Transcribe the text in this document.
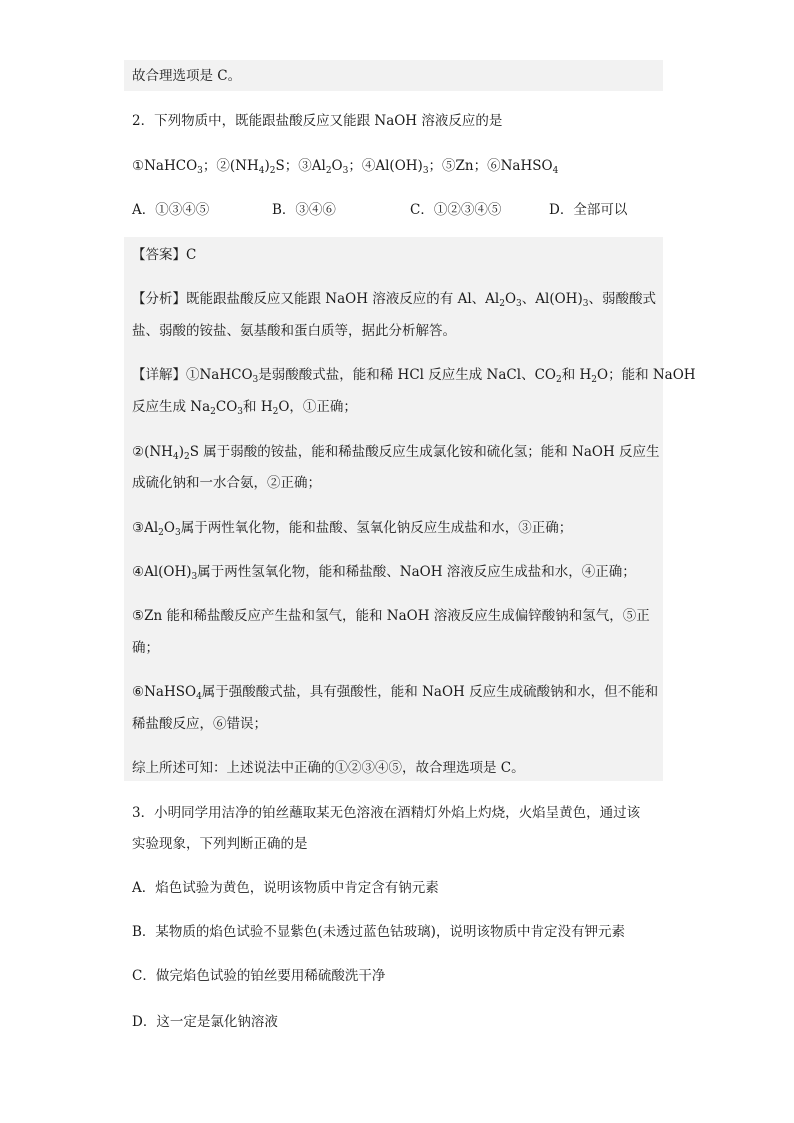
故合理选项是 C。
2．下列物质中，既能跟盐酸反应又能跟 NaOH 溶液反应的是
①NaHCO$_3$；$②(NH_4)_2S$；$③Al_2O_3$；$④Al(OH)_3$；⑤Zn；⑥NaHSO$_4$
A．①③④⑤	B．③④⑥	C．①②③④⑤	D．全部可以
【答案】C
【分析】既能跟盐酸反应又能跟 NaOH 溶液反应的有 Al、$Al_2O_3$、$Al(OH)_3$、弱酸酸式
盐、弱酸的铵盐、氨基酸和蛋白质等，据此分析解答。
【详解】①NaHCO$_3$是弱酸酸式盐，能和稀 HCl 反应生成 NaCl、$CO_2$和 $H_2O$；能和 NaOH
反应生成 $Na_2CO_3$和 $H_2O$，①正确；
$②(NH_4)_2S$ 属于弱酸的铵盐，能和稀盐酸反应生成氯化铵和硫化氢；能和 NaOH 反应生
成硫化钠和一水合氨，②正确；
$③Al_2O_3$属于两性氧化物，能和盐酸、氢氧化钠反应生成盐和水，③正确；
$④Al(OH)_3$属于两性氢氧化物，能和稀盐酸、NaOH 溶液反应生成盐和水，④正确；
⑤Zn 能和稀盐酸反应产生盐和氢气，能和 NaOH 溶液反应生成偏锌酸钠和氢气，⑤正
确；
⑥NaHSO$_4$属于强酸酸式盐，具有强酸性，能和 NaOH 反应生成硫酸钠和水，但不能和
稀盐酸反应，⑥错误；
综上所述可知：上述说法中正确的①②③④⑤，故合理选项是 C。
3．小明同学用洁净的铂丝蘸取某无色溶液在酒精灯外焰上灼烧，火焰呈黄色，通过该
实验现象，下列判断正确的是
A．焰色试验为黄色，说明该物质中肯定含有钠元素
B．某物质的焰色试验不显紫色(未透过蓝色钴玻璃)，说明该物质中肯定没有钾元素
C．做完焰色试验的铂丝要用稀硫酸洗干净
D．这一定是氯化钠溶液
